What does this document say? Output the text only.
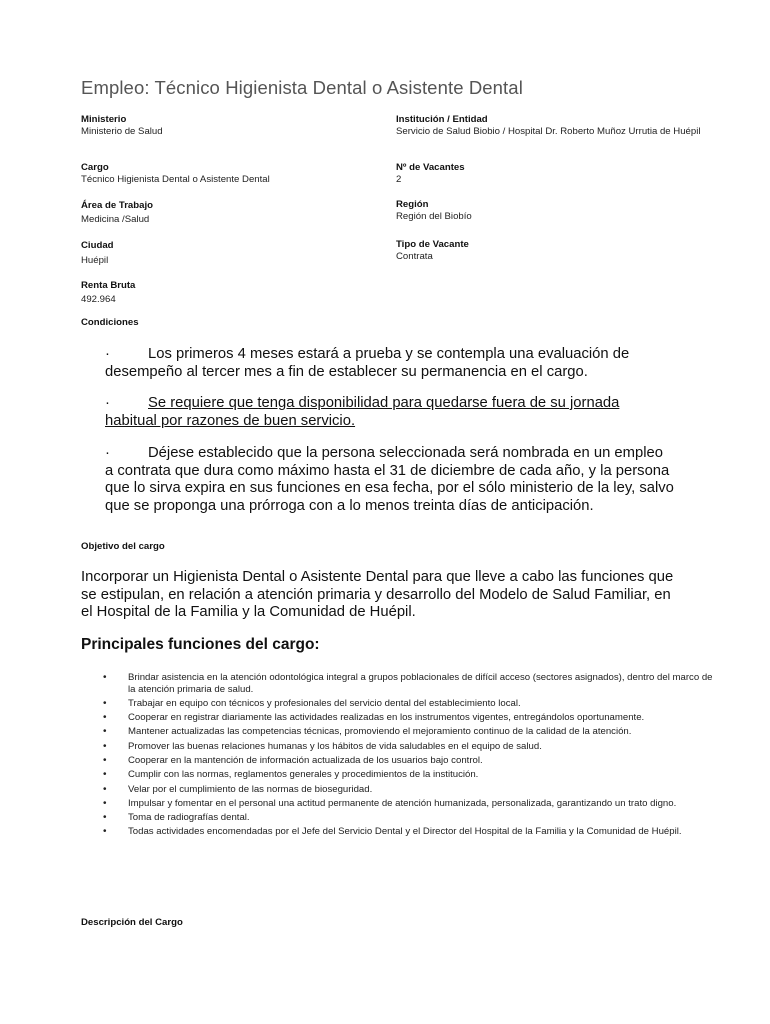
Empleo: Técnico Higienista Dental o Asistente Dental
Ministerio
Ministerio de Salud
Institución / Entidad
Servicio de Salud Biobio / Hospital Dr. Roberto Muñoz Urrutia de Huépil
Cargo
Técnico Higienista Dental o Asistente Dental
Nº de Vacantes
2
Área de Trabajo
Medicina /Salud
Región
Región del Biobío
Ciudad
Huépil
Tipo de Vacante
Contrata
Renta Bruta
492.964
Condiciones
·	Los primeros 4 meses estará a prueba y se contempla una evaluación de
desempeño al tercer mes a fin de establecer su permanencia en el cargo.
·	Se requiere que tenga disponibilidad para quedarse fuera de su jornada
habitual por razones de buen servicio.
·	Déjese establecido que la persona seleccionada será nombrada en un empleo
a contrata que dura como máximo hasta el 31 de diciembre de cada año, y la persona que lo sirva expira en sus funciones en esa fecha, por el sólo ministerio de la ley, salvo que se proponga una prórroga con a lo menos treinta días de anticipación.
Objetivo del cargo
Incorporar un Higienista Dental o Asistente Dental para que lleve a cabo las funciones que se estipulan, en relación a atención primaria y desarrollo del Modelo de Salud Familiar, en el Hospital de la Familia y la Comunidad de Huépil.
Principales funciones del cargo:
• Brindar asistencia en la atención odontológica integral a grupos poblacionales de difícil acceso (sectores asignados), dentro del marco de la atención primaria de salud.
• Trabajar en equipo con técnicos y profesionales del servicio dental del establecimiento local.
• Cooperar en registrar diariamente las actividades realizadas en los instrumentos vigentes, entregándolos oportunamente.
• Mantener actualizadas las competencias técnicas, promoviendo el mejoramiento continuo de la calidad de la atención.
• Promover las buenas relaciones humanas y los hábitos de vida saludables en el equipo de salud.
• Cooperar en la mantención de información actualizada de los usuarios bajo control.
• Cumplir con las normas, reglamentos generales y procedimientos de la institución.
• Velar por el cumplimiento de las normas de bioseguridad.
• Impulsar y fomentar en el personal una actitud permanente de atención humanizada, personalizada, garantizando un trato digno.
• Toma de radiografías dental.
• Todas actividades encomendadas por el Jefe del Servicio Dental y el Director del Hospital de la Familia y la Comunidad de Huépil.
Descripción del Cargo
